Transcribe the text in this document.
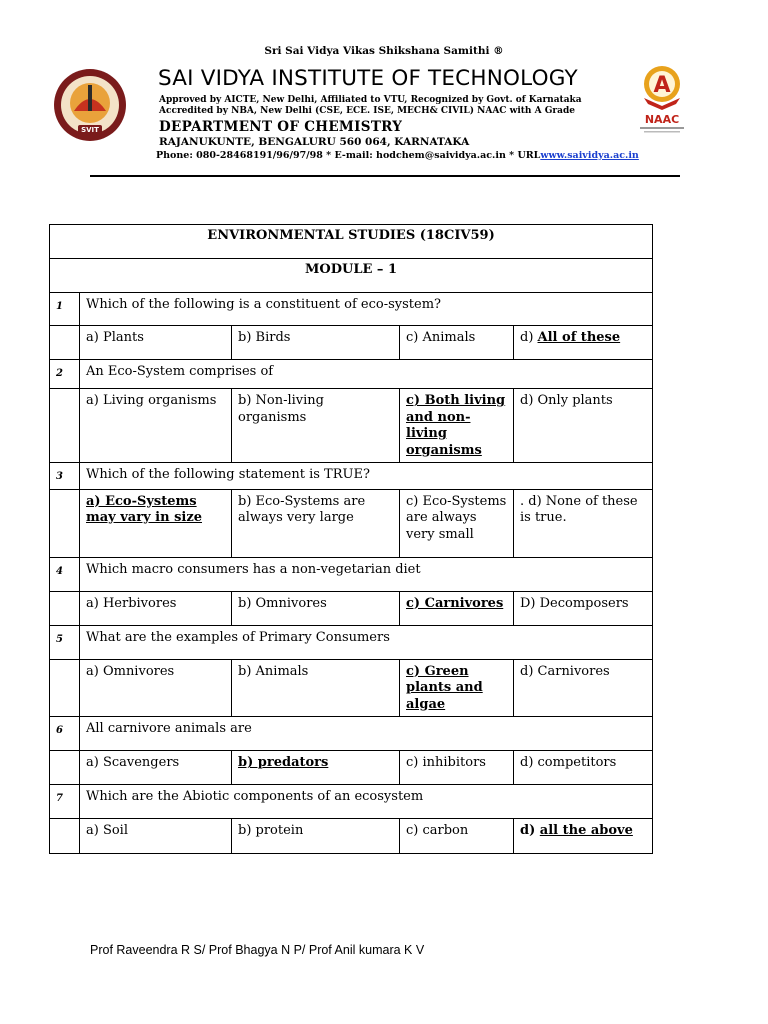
Sri Sai Vidya Vikas Shikshana Samithi ®
SVIT
SAI VIDYA INSTITUTE OF TECHNOLOGY
Approved by AICTE, New Delhi, Affiliated to VTU, Recognized by Govt. of Karnataka
Accredited by NBA, New Delhi (CSE, ECE. ISE, MECH& CIVIL) NAAC with A Grade
DEPARTMENT OF CHEMISTRY
RAJANUKUNTE, BENGALURU 560 064, KARNATAKA
Phone: 080-28468191/96/97/98 * E-mail: hodchem@saividya.ac.in * URLwww.saividya.ac.in
A
NAAC
ENVIRONMENTAL STUDIES (18CIV59)				
MODULE – 1				
1	Which of the following is a constituent of eco-system?			
	a) Plants	b) Birds	c) Animals	d) All of these
2	An Eco-System comprises of			
	a) Living organisms	b) Non-living organisms	c) Both living and non-living organisms	d) Only plants
3	Which of the following statement is TRUE?			
	a) Eco-Systems may vary in size	b) Eco-Systems are always very large	c) Eco-Systems are always very small	. d) None of these is true.
4	Which macro consumers has a non-vegetarian diet			
	a) Herbivores	b) Omnivores	c) Carnivores	D) Decomposers
5	What are the examples of Primary Consumers			
	a) Omnivores	b) Animals	c) Green plants and algae	d) Carnivores
6	All carnivore animals are			
	a) Scavengers	b) predators	c) inhibitors	d) competitors
7	Which are the Abiotic components of an ecosystem			
	a) Soil	b) protein	c) carbon	d) all the above
Prof Raveendra R S/ Prof Bhagya N P/ Prof Anil kumara K V
